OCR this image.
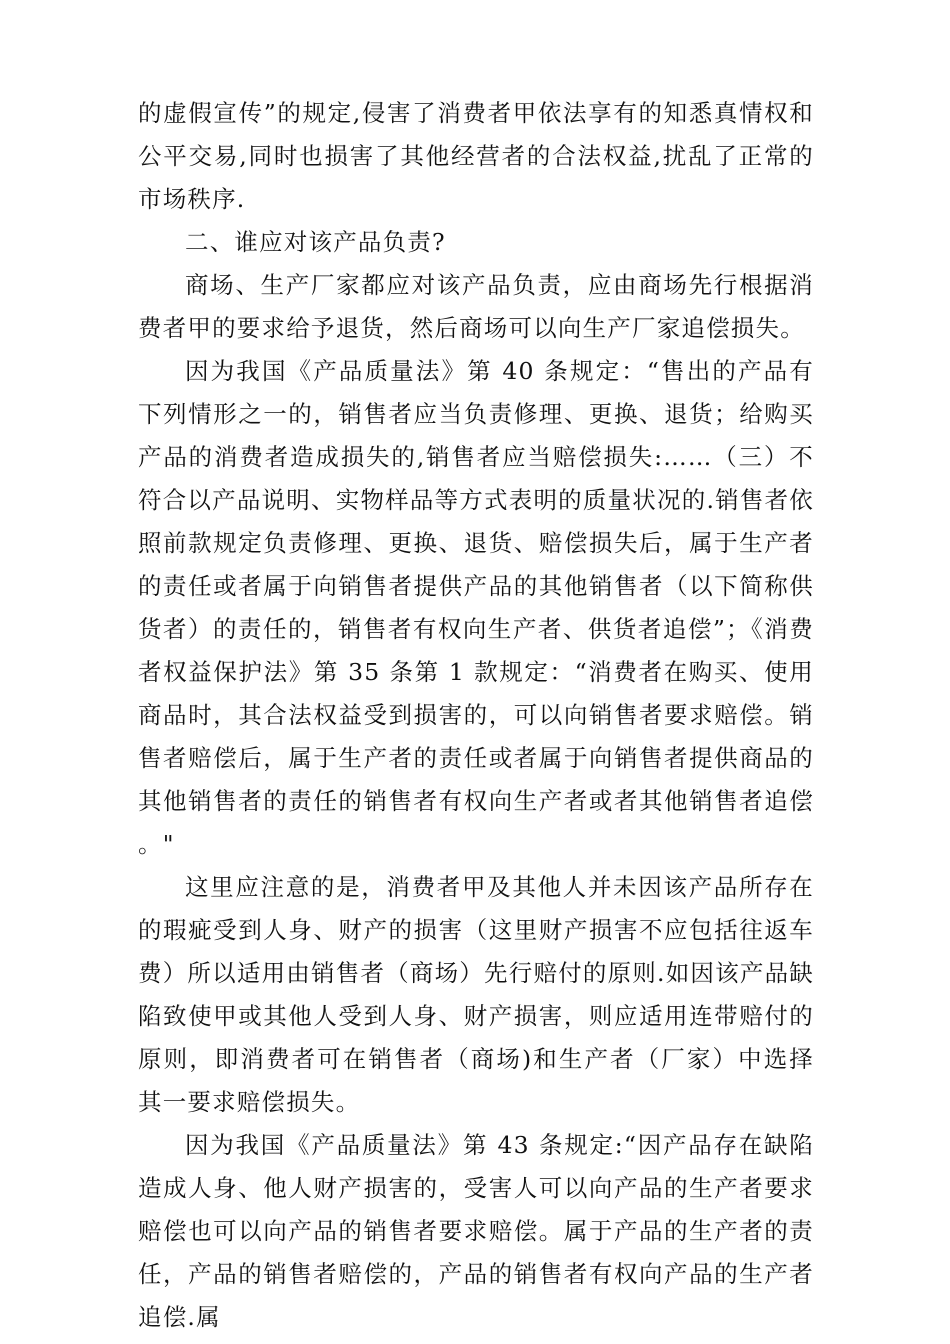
的虚假宣传”的规定,侵害了消费者甲依法享有的知悉真情权和公平交易,同时也损害了其他经营者的合法权益,扰乱了正常的市场秩序.

二、谁应对该产品负责?

商场、生产厂家都应对该产品负责，应由商场先行根据消费者甲的要求给予退货，然后商场可以向生产厂家追偿损失。

因为我国《产品质量法》第 40 条规定：“售出的产品有下列情形之一的，销售者应当负责修理、更换、退货；给购买产品的消费者造成损失的,销售者应当赔偿损失:……（三）不符合以产品说明、实物样品等方式表明的质量状况的.销售者依照前款规定负责修理、更换、退货、赔偿损失后，属于生产者的责任或者属于向销售者提供产品的其他销售者（以下简称供货者）的责任的，销售者有权向生产者、供货者追偿”；《消费者权益保护法》第 35 条第 1 款规定：“消费者在购买、使用商品时，其合法权益受到损害的，可以向销售者要求赔偿。销售者赔偿后，属于生产者的责任或者属于向销售者提供商品的其他销售者的责任的销售者有权向生产者或者其他销售者追偿。"

这里应注意的是，消费者甲及其他人并未因该产品所存在的瑕疵受到人身、财产的损害（这里财产损害不应包括往返车费）所以适用由销售者（商场）先行赔付的原则.如因该产品缺陷致使甲或其他人受到人身、财产损害，则应适用连带赔付的原则，即消费者可在销售者（商场)和生产者（厂家）中选择其一要求赔偿损失。

因为我国《产品质量法》第 43 条规定:“因产品存在缺陷造成人身、他人财产损害的，受害人可以向产品的生产者要求赔偿也可以向产品的销售者要求赔偿。属于产品的生产者的责任，产品的销售者赔偿的，产品的销售者有权向产品的生产者追偿.属
